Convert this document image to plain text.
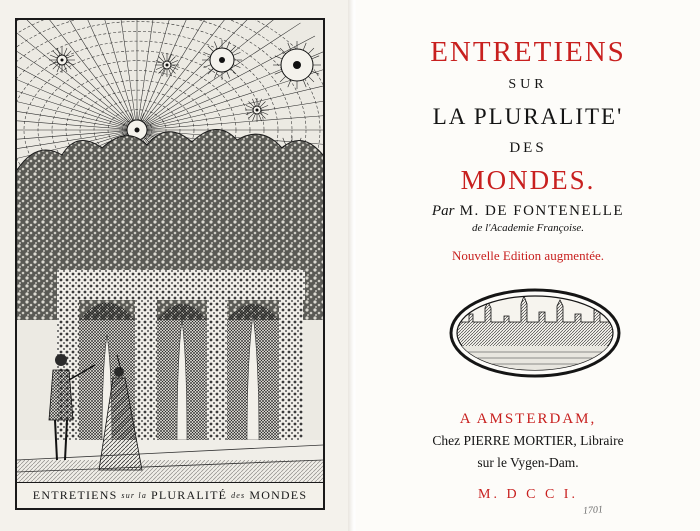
ENTRETIENS
sur la
PLURALITÉ
des
MONDES
ENTRETIENS
SUR
LA PLURALITE'
DES
MONDES.
Par M. DE FONTENELLE
de l'Academie Françoise.
Nouvelle Edition augmentée.
A AMSTERDAM,
Chez PIERRE MORTIER, Libraire
sur le Vygen-Dam.
M. D C C I.
1701
